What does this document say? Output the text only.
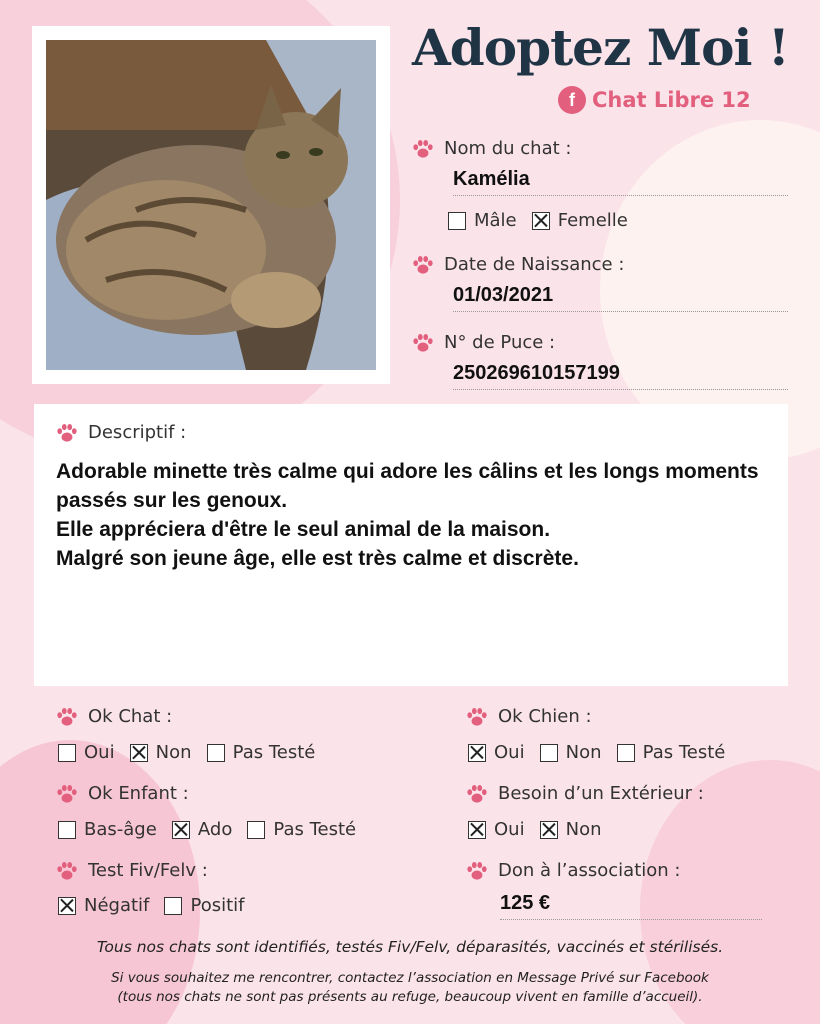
Adoptez Moi !
f Chat Libre 12
Nom du chat :
Kamélia
Mâle
Femelle
Date de Naissance :
01/03/2021
N° de Puce :
250269610157199
Descriptif :
Adorable minette très calme qui adore les câlins et les longs moments passés sur les genoux.
Elle appréciera d'être le seul animal de la maison.
Malgré son jeune âge, elle est très calme et discrète.
Ok Chat :
Oui
Non
Pas Testé
Ok Chien :
Oui
Non
Pas Testé
Ok Enfant :
Bas-âge
Ado
Pas Testé
Besoin d’un Extérieur :
Oui
Non
Test Fiv/Felv :
Négatif
Positif
Don à l’association :
125 €
Tous nos chats sont identifiés, testés Fiv/Felv, déparasités, vaccinés et stérilisés.
Si vous souhaitez me rencontrer, contactez l’association en Message Privé sur Facebook
(tous nos chats ne sont pas présents au refuge, beaucoup vivent en famille d’accueil).
